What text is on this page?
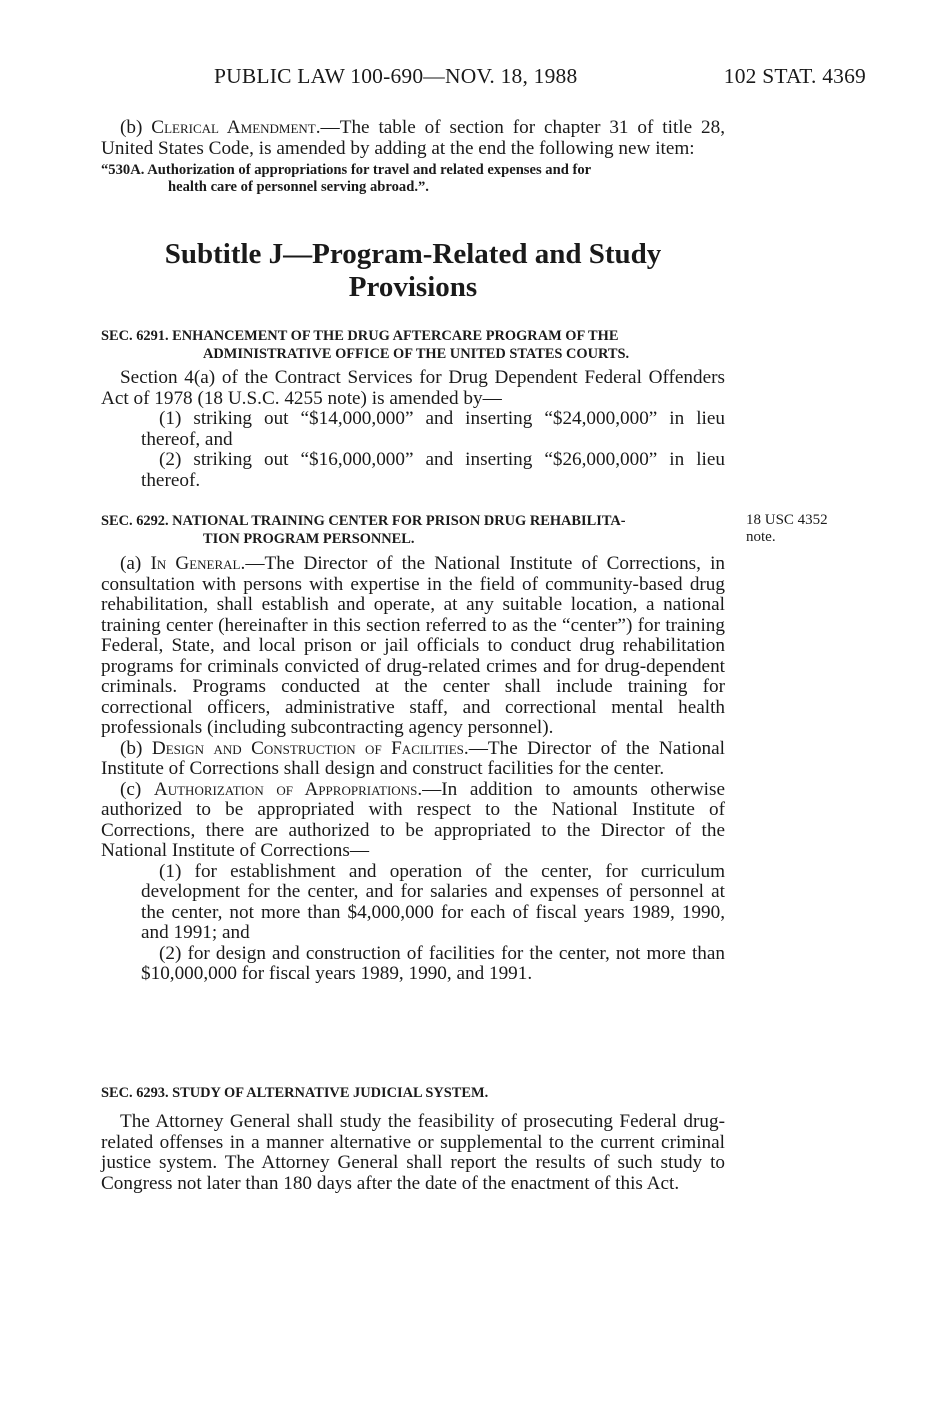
PUBLIC LAW 100-690—NOV. 18, 1988	102 STAT. 4369

(b) Clerical Amendment.—The table of section for chapter 31 of title 28, United States Code, is amended by adding at the end the following new item:

“530A. Authorization of appropriations for travel and related expenses and for
health care of personnel serving abroad.”.
Subtitle J—Program-Related and Study
Provisions
SEC. 6291. ENHANCEMENT OF THE DRUG AFTERCARE PROGRAM OF THE
ADMINISTRATIVE OFFICE OF THE UNITED STATES COURTS.

Section 4(a) of the Contract Services for Drug Dependent Federal Offenders Act of 1978 (18 U.S.C. 4255 note) is amended by—

(1) striking out “$14,000,000” and inserting “$24,000,000” in lieu thereof, and

(2) striking out “$16,000,000” and inserting “$26,000,000” in lieu thereof.

SEC. 6292. NATIONAL TRAINING CENTER FOR PRISON DRUG REHABILITA-
TION PROGRAM PERSONNEL.

(a) In General.—The Director of the National Institute of Corrections, in consultation with persons with expertise in the field of community-based drug rehabilitation, shall establish and operate, at any suitable location, a national training center (hereinafter in this section referred to as the “center”) for training Federal, State, and local prison or jail officials to conduct drug rehabilitation programs for criminals convicted of drug-related crimes and for drug-dependent criminals. Programs conducted at the center shall include training for correctional officers, administrative staff, and correctional mental health professionals (including subcontracting agency personnel).

(b) Design and Construction of Facilities.—The Director of the National Institute of Corrections shall design and construct facilities for the center.

(c) Authorization of Appropriations.—In addition to amounts otherwise authorized to be appropriated with respect to the National Institute of Corrections, there are authorized to be appropriated to the Director of the National Institute of Corrections—

(1) for establishment and operation of the center, for curriculum development for the center, and for salaries and expenses of personnel at the center, not more than $4,000,000 for each of fiscal years 1989, 1990, and 1991; and

(2) for design and construction of facilities for the center, not more than $10,000,000 for fiscal years 1989, 1990, and 1991.

18 USC 4352
note.
SEC. 6293. STUDY OF ALTERNATIVE JUDICIAL SYSTEM.

The Attorney General shall study the feasibility of prosecuting Federal drug-related offenses in a manner alternative or supplemental to the current criminal justice system. The Attorney General shall report the results of such study to Congress not later than 180 days after the date of the enactment of this Act.
